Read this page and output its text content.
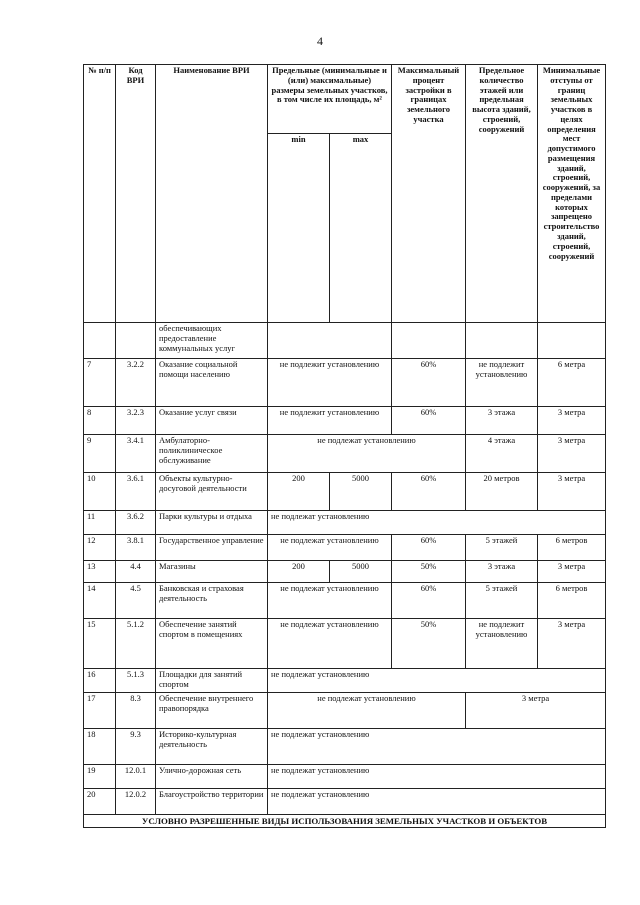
4
№ п/п	Код ВРИ	Наименование ВРИ	Предельные (минимальные и (или) максимальные) размеры земельных участков, в том числе их площадь, м²		Максимальный процент застройки в границах земельного участка	Предельное количество этажей или предельная высота зданий, строений, сооружений	Минимальные отступы от границ земельных участков в целях определения мест допустимого размещения зданий, строений, сооружений, за пределами которых запрещено строительство зданий, строений, сооружений
			min	max			
		обеспечивающих предоставление коммунальных услуг					
7	3.2.2	Оказание социальной помощи населению	не подлежит установлению		60%	не подлежит установлению	6 метра
8	3.2.3	Оказание услуг связи	не подлежит установлению		60%	3 этажа	3 метра
9	3.4.1	Амбулаторно-поликлиническое обслуживание	не подлежат установлению			4 этажа	3 метра
10	3.6.1	Объекты культурно-досуговой деятельности	200	5000	60%	20 метров	3 метра
11	3.6.2	Парки культуры и отдыха	не подлежат установлению				
12	3.8.1	Государственное управление	не подлежат установлению		60%	5 этажей	6 метров
13	4.4	Магазины	200	5000	50%	3 этажа	3 метра
14	4.5	Банковская и страховая деятельность	не подлежат установлению		60%	5 этажей	6 метров
15	5.1.2	Обеспечение занятий спортом в помещениях	не подлежат установлению		50%	не подлежит установлению	3 метра
16	5.1.3	Площадки для занятий спортом	не подлежат установлению				
17	8.3	Обеспечение внутреннего правопорядка	не подлежат установлению			3 метра	
18	9.3	Историко-культурная деятельность	не подлежат установлению				
19	12.0.1	Улично-дорожная сеть	не подлежат установлению				
20	12.0.2	Благоустройство территории	не подлежат установлению				
УСЛОВНО РАЗРЕШЕННЫЕ ВИДЫ ИСПОЛЬЗОВАНИЯ ЗЕМЕЛЬНЫХ УЧАСТКОВ И ОБЪЕКТОВ							
